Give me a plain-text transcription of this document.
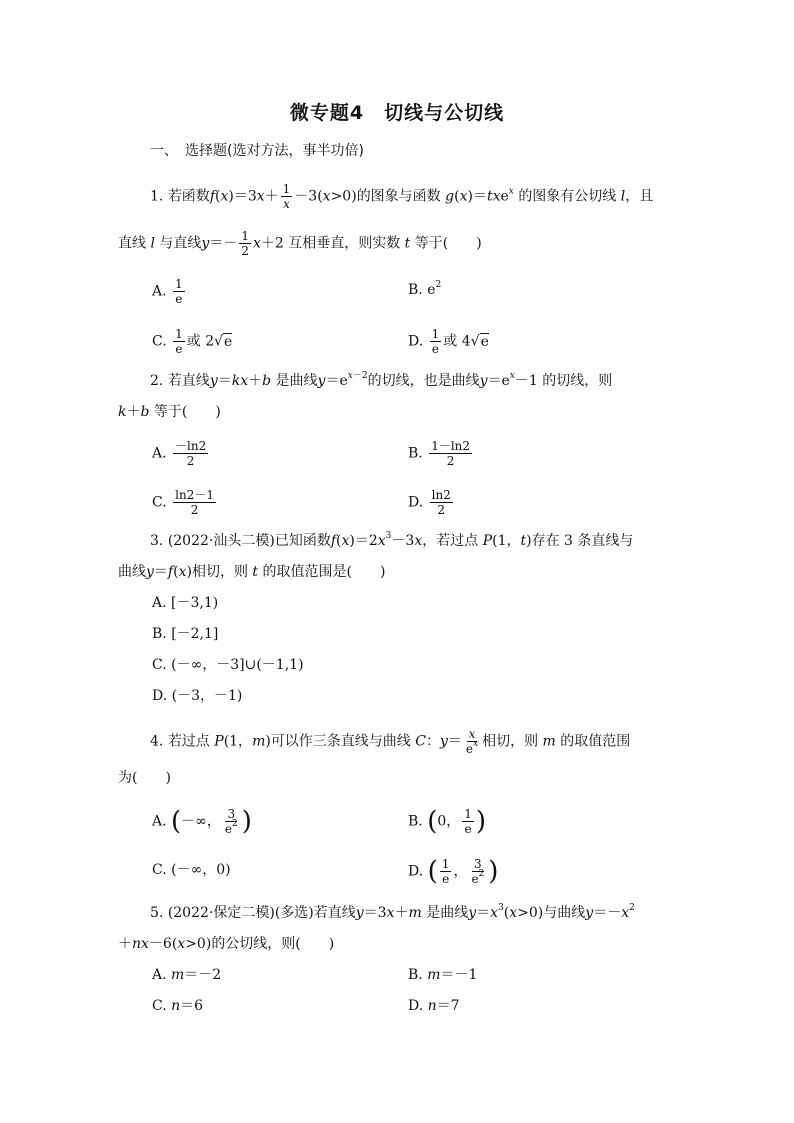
微专题4　切线与公切线
一、　选择题(选对方法，事半功倍)
1. 若函数$f(x)=3x+ \frac{1}{x} -3(x>0)$的图象与函数 g(x)＝txe$^x$ 的图象有公切线 l，且
直线 l 与直线$y=- \frac{1}{2} x+2$ 互相垂直，则实数 t 等于(　　)
A. $\frac{1}{e}$	B. $e^2$
C. $\frac{1}{e}$ 或 2√e	D. $\frac{1}{e}$ 或 4√e
2. 若直线y＝kx＋b 是曲线$y=e^{x-2}$的切线，也是曲线$y=e^x-1$ 的切线，则
k＋b 等于(　　)
A. $\frac{-\ln 2}{2}$	B. $\frac{1-\ln 2}{2}$
C. $\frac{\ln 2-1}{2}$	D. $\frac{\ln 2}{2}$
3. (2022·汕头二模)已知函数$f(x)=2x^3-3x$，若过点 P(1，t)存在 3 条直线与
曲线y＝f(x)相切，则 t 的取值范围是(　　)
A. [－3,1)
B. [－2,1]
C. (－∞，－3]∪(－1,1)
D. (－3，－1)
4. 若过点 P(1，m)可以作三条直线与曲线 C：$y= \frac{x}{e^x}$ 相切，则 m 的取值范围
为(　　)
A. (－∞， $\frac{3}{e^2}$ )	B. (0， $\frac{1}{e}$ )
C. (－∞，0)	D. ( $\frac{1}{e}$ ， $\frac{3}{e^2}$ )
5. (2022·保定二模)(多选)若直线y＝3x＋m 是曲线$y=x^3(x>0)$与曲线$y=-x^2$
＋nx－6(x>0)的公切线，则(　　)
A. m＝－2	B. m＝－1
C. n＝6	D. n＝7
